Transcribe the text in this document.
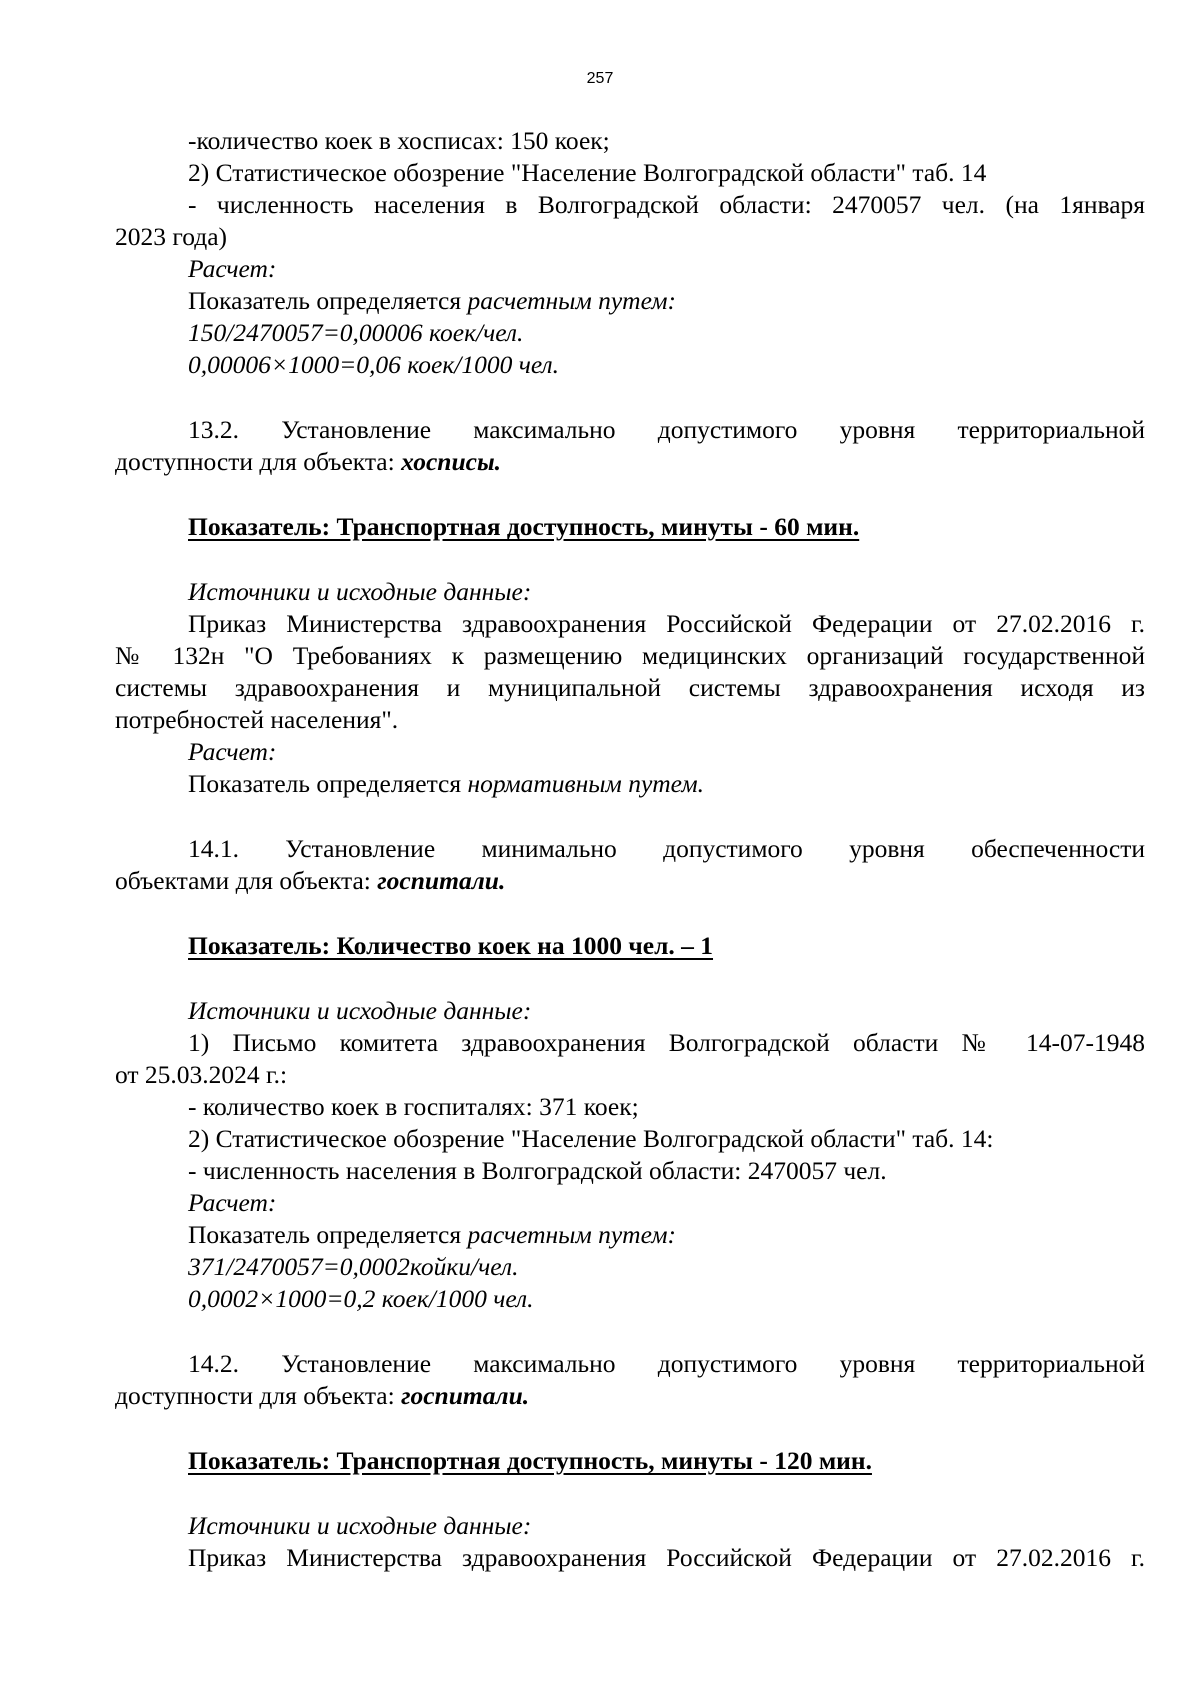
257
-количество коек в хосписах: 150 коек;
2) Статистическое обозрение "Население Волгоградской области" таб. 14
- численность населения в Волгоградской области: 2470057 чел. (на 1января
2023 года)
Расчет:
Показатель определяется расчетным путем:
150/2470057=0,00006 коек/чел.
0,00006×1000=0,06 коек/1000 чел.
13.2. Установление максимально допустимого уровня территориальной
доступности для объекта: хосписы.
Показатель: Транспортная доступность, минуты - 60 мин.
Источники и исходные данные:
Приказ Министерства здравоохранения Российской Федерации от 27.02.2016 г.
№ 132н "О Требованиях к размещению медицинских организаций государственной
системы здравоохранения и муниципальной системы здравоохранения исходя из
потребностей населения".
Расчет:
Показатель определяется нормативным путем.
14.1. Установление минимально допустимого уровня обеспеченности
объектами для объекта: госпитали.
Показатель: Количество коек на 1000 чел. – 1
Источники и исходные данные:
1) Письмо комитета здравоохранения Волгоградской области № 14-07-1948
от 25.03.2024 г.:
- количество коек в госпиталях: 371 коек;
2) Статистическое обозрение "Население Волгоградской области" таб. 14:
- численность населения в Волгоградской области: 2470057 чел.
Расчет:
Показатель определяется расчетным путем:
371/2470057=0,0002койки/чел.
0,0002×1000=0,2 коек/1000 чел.
14.2. Установление максимально допустимого уровня территориальной
доступности для объекта: госпитали.
Показатель: Транспортная доступность, минуты - 120 мин.
Источники и исходные данные:
Приказ Министерства здравоохранения Российской Федерации от 27.02.2016 г.
